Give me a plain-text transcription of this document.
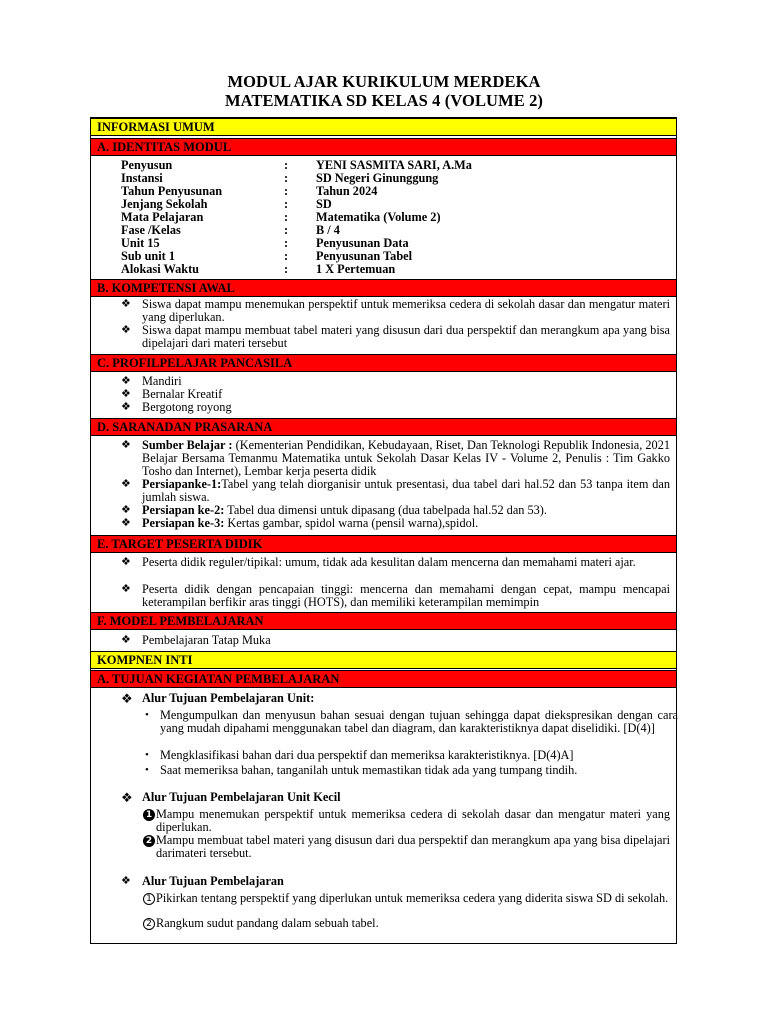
MODUL AJAR KURIKULUM MERDEKA
MATEMATIKA SD KELAS 4 (VOLUME 2)
INFORMASI UMUM
A. IDENTITAS MODUL
Penyusun	: YENI SASMITA SARI, A.Ma
Instansi	: SD Negeri Ginunggung
Tahun Penyusunan	: Tahun 2024
Jenjang Sekolah	: SD
Mata Pelajaran	: Matematika (Volume 2)
Fase /Kelas	: B / 4
Unit 15	: Penyusunan Data
Sub unit 1	: Penyusunan Tabel
Alokasi Waktu	: 1 X Pertemuan
B. KOMPETENSI AWAL
❖ Siswa dapat mampu menemukan perspektif untuk memeriksa cedera di sekolah dasar dan mengatur materi yang diperlukan.
❖ Siswa dapat mampu membuat tabel materi yang disusun dari dua perspektif dan merangkum apa yang bisa dipelajari dari materi tersebut
C. PROFILPELAJAR PANCASILA
❖ Mandiri
❖ Bernalar Kreatif
❖ Bergotong royong
D. SARANADAN PRASARANA
❖ Sumber Belajar : (Kementerian Pendidikan, Kebudayaan, Riset, Dan Teknologi Republik Indonesia, 2021 Belajar Bersama Temanmu Matematika untuk Sekolah Dasar Kelas IV - Volume 2, Penulis : Tim Gakko Tosho dan Internet), Lembar kerja peserta didik
❖ Persiapanke-1:Tabel yang telah diorganisir untuk presentasi, dua tabel dari hal.52 dan 53 tanpa item dan jumlah siswa.
❖ Persiapan ke-2: Tabel dua dimensi untuk dipasang (dua tabelpada hal.52 dan 53).
❖ Persiapan ke-3: Kertas gambar, spidol warna (pensil warna),spidol.
E. TARGET PESERTA DIDIK
❖ Peserta didik reguler/tipikal: umum, tidak ada kesulitan dalam mencerna dan memahami materi ajar.
❖ Peserta didik dengan pencapaian tinggi: mencerna dan memahami dengan cepat, mampu mencapai keterampilan berfikir aras tinggi (HOTS), dan memiliki keterampilan memimpin
F. MODEL PEMBELAJARAN
❖ Pembelajaran Tatap Muka
KOMPNEN INTI
A. TUJUAN KEGIATAN PEMBELAJARAN
❖ Alur Tujuan Pembelajaran Unit:
• Mengumpulkan dan menyusun bahan sesuai dengan tujuan sehingga dapat diekspresikan dengan cara yang mudah dipahami menggunakan tabel dan diagram, dan karakteristiknya dapat diselidiki. [D(4)]
• Mengklasifikasi bahan dari dua perspektif dan memeriksa karakteristiknya. [D(4)A]
• Saat memeriksa bahan, tanganilah untuk memastikan tidak ada yang tumpang tindih.
❖ Alur Tujuan Pembelajaran Unit Kecil
1 Mampu menemukan perspektif untuk memeriksa cedera di sekolah dasar dan mengatur materi yang diperlukan.
2 Mampu membuat tabel materi yang disusun dari dua perspektif dan merangkum apa yang bisa dipelajari darimateri tersebut.
❖ Alur Tujuan Pembelajaran
1 Pikirkan tentang perspektif yang diperlukan untuk memeriksa cedera yang diderita siswa SD di sekolah.
2 Rangkum sudut pandang dalam sebuah tabel.
